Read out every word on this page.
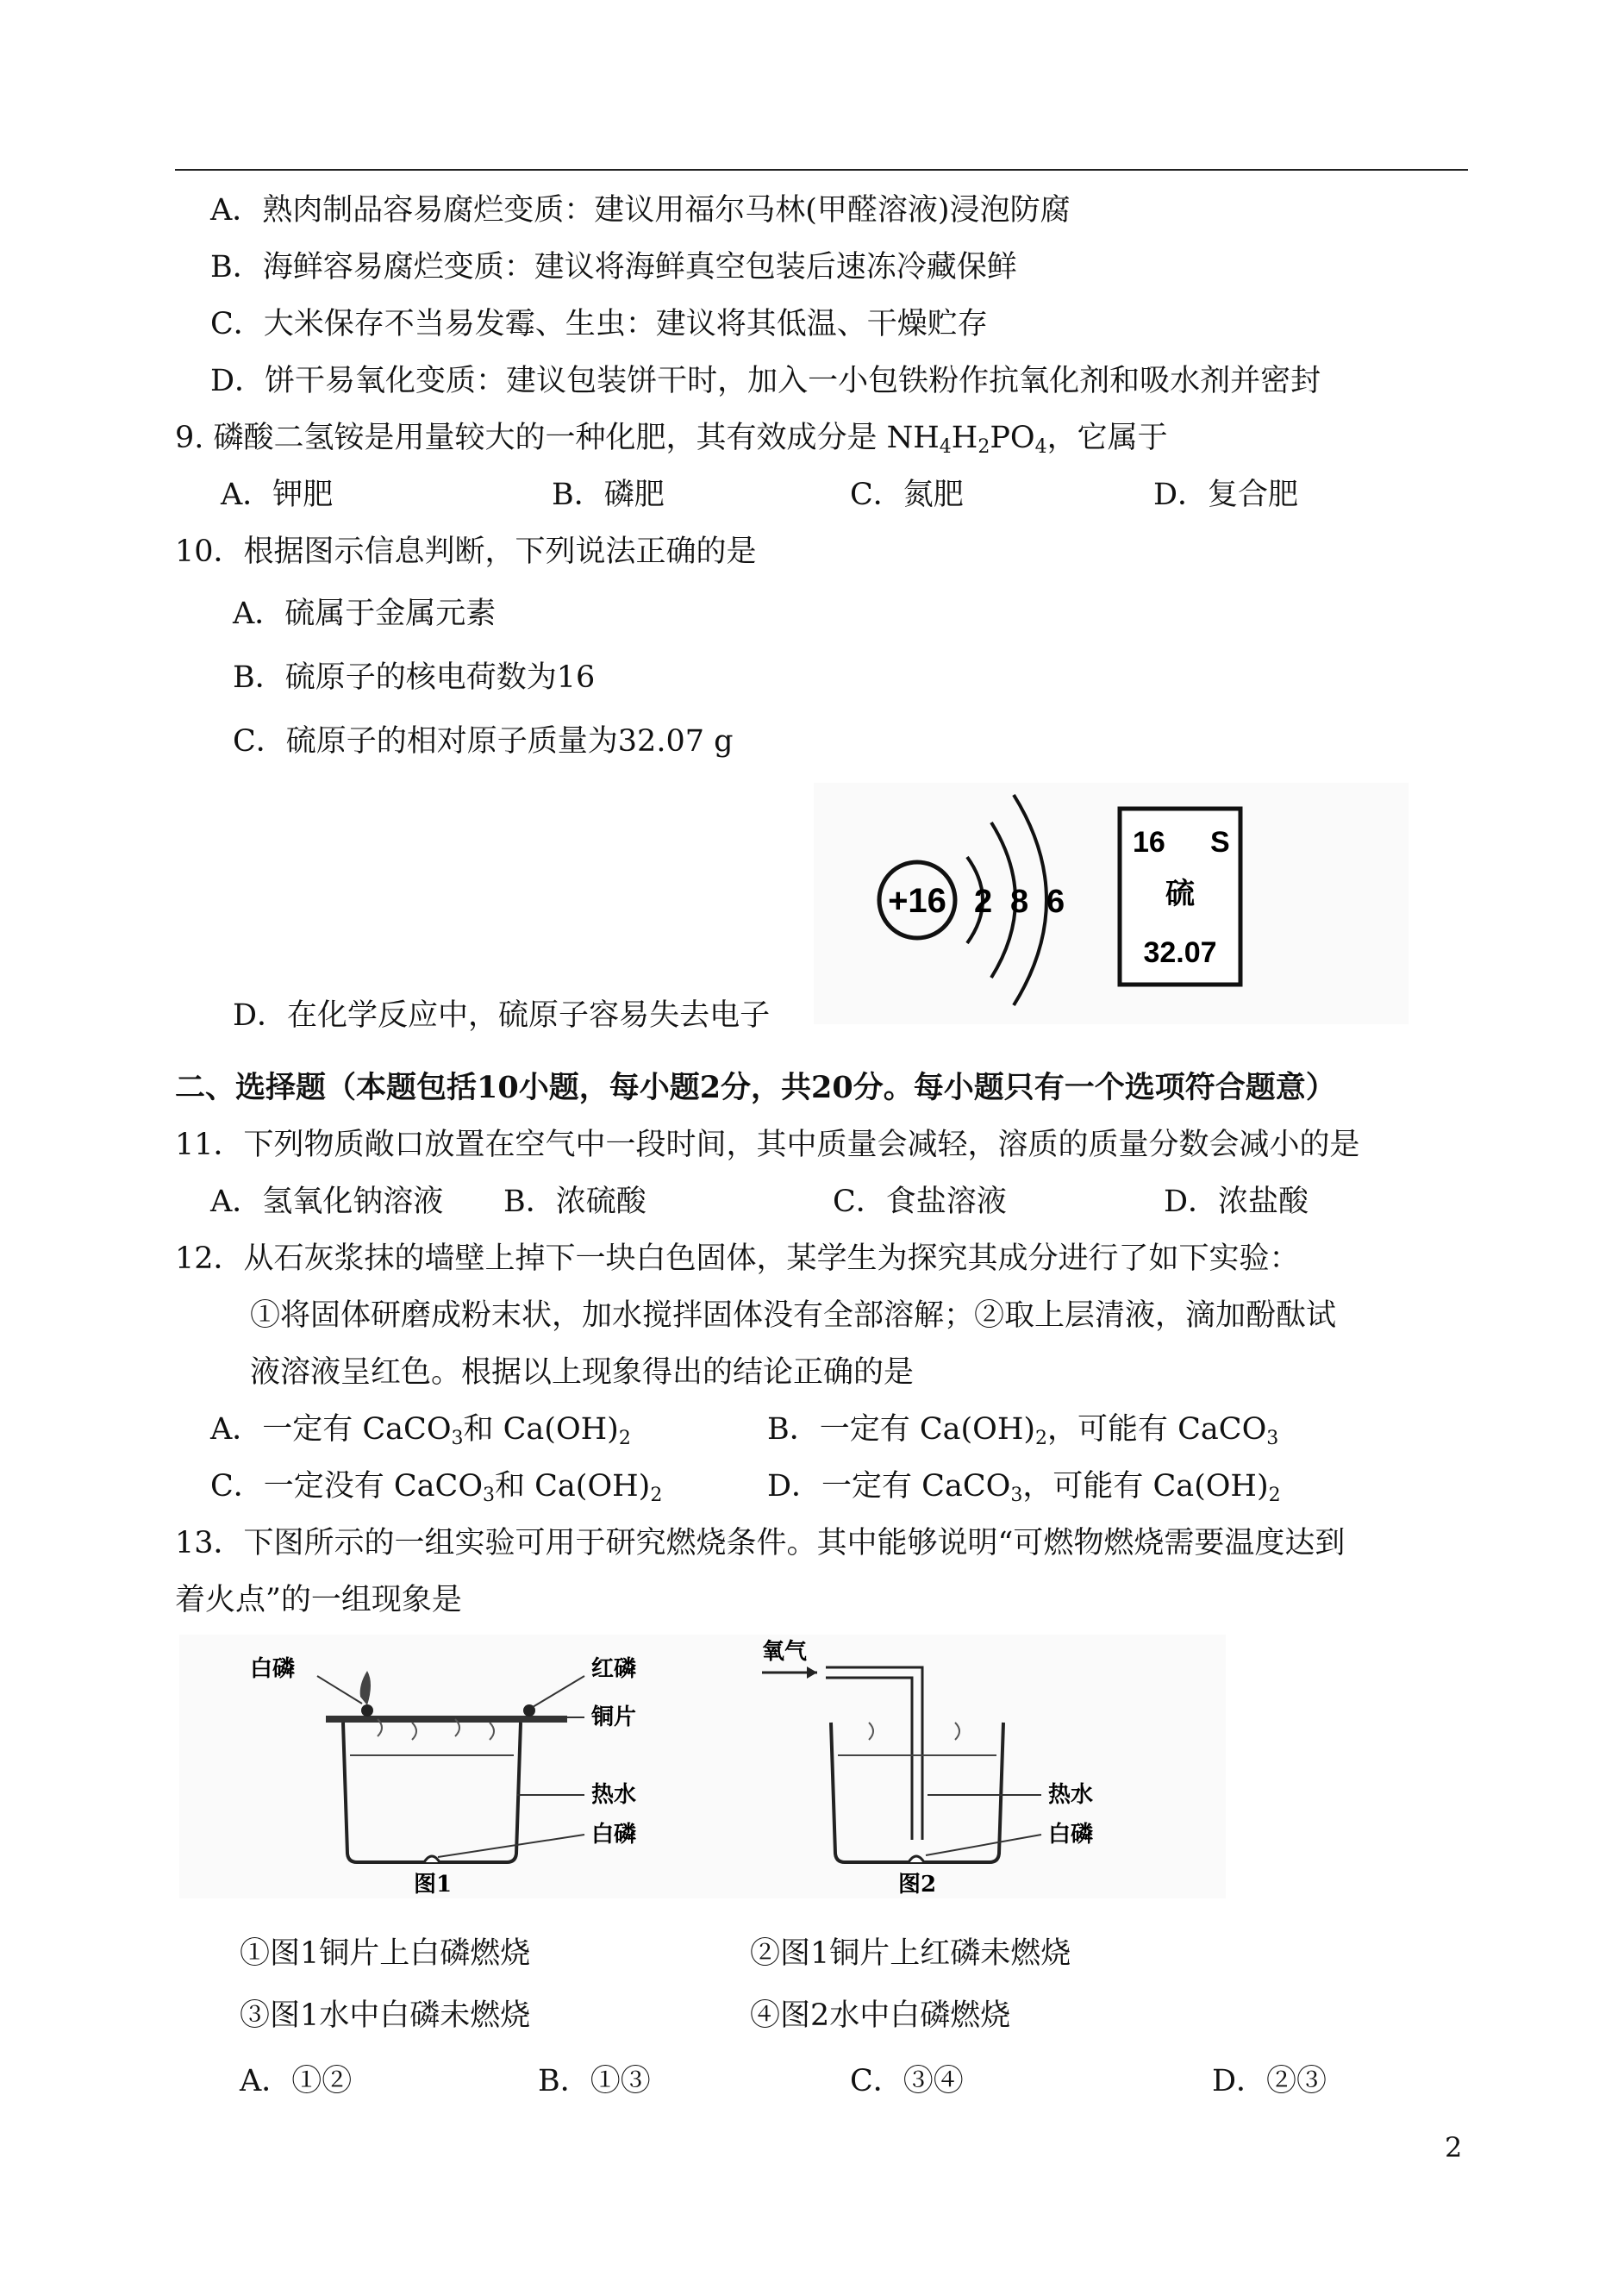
A．熟肉制品容易腐烂变质：建议用福尔马林(甲醛溶液)浸泡防腐
B．海鲜容易腐烂变质：建议将海鲜真空包装后速冻冷藏保鲜
C．大米保存不当易发霉、生虫：建议将其低温、干燥贮存
D．饼干易氧化变质：建议包装饼干时，加入一小包铁粉作抗氧化剂和吸水剂并密封
9. 磷酸二氢铵是用量较大的一种化肥，其有效成分是 $NH_4H_2PO_4$，它属于
A．钾肥	B．磷肥	C．氮肥	D．复合肥
10．根据图示信息判断，下列说法正确的是
A．硫属于金属元素
B．硫原子的核电荷数为16
C．硫原子的相对原子质量为32.07 g
D．在化学反应中，硫原子容易失去电子
+16 2 8 6
16 S
硫
32.07
二、选择题（本题包括10小题，每小题2分，共20分。每小题只有一个选项符合题意）
11．下列物质敞口放置在空气中一段时间，其中质量会减轻，溶质的质量分数会减小的是
A．氢氧化钠溶液 B．浓硫酸	C．食盐溶液	D．浓盐酸
12．从石灰浆抹的墙壁上掉下一块白色固体，某学生为探究其成分进行了如下实验：
①将固体研磨成粉末状，加水搅拌固体没有全部溶解；②取上层清液，滴加酚酞试
液溶液呈红色。根据以上现象得出的结论正确的是
A．一定有 CaCO$_3$和 $Ca(OH)_2$	B．一定有 $Ca(OH)_2$，可能有 CaCO$_3$
C．一定没有 CaCO$_3$和 $Ca(OH)_2$	D．一定有 CaCO$_3$，可能有 $Ca(OH)_2$
13．下图所示的一组实验可用于研究燃烧条件。其中能够说明“可燃物燃烧需要温度达到
着火点”的一组现象是
白磷	红磷
铜片
热水
白磷
图1
氧气
热水
白磷
图2
①图1铜片上白磷燃烧	②图1铜片上红磷未燃烧
③图1水中白磷未燃烧	④图2水中白磷燃烧
A．①②	B．①③	C．③④	D．②③
2
